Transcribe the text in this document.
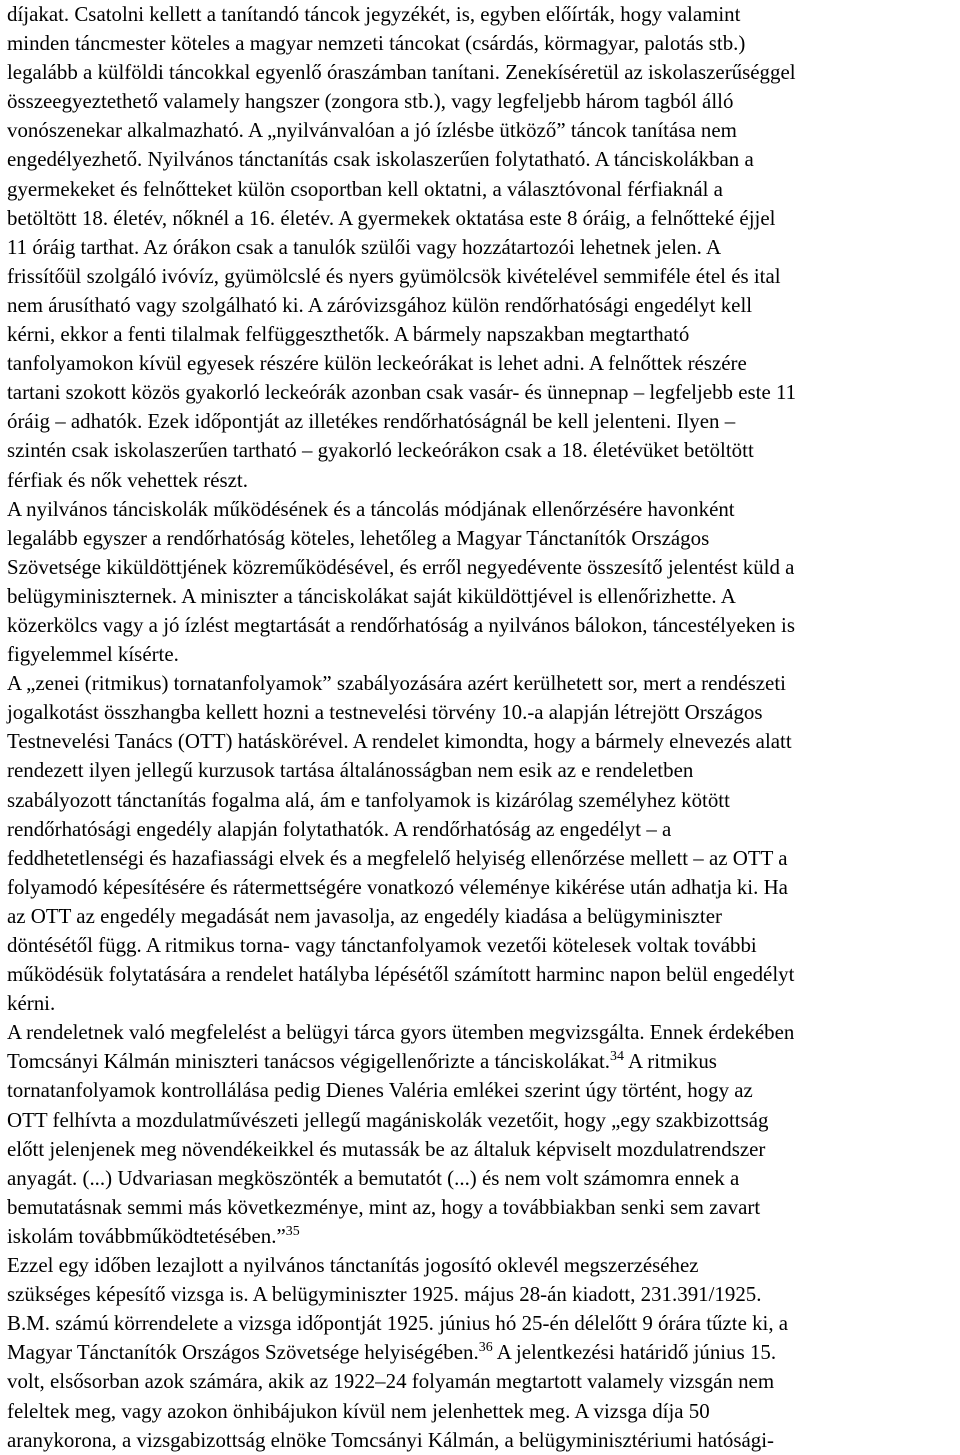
díjakat. Csatolni kellett a tanítandó táncok jegyzékét, is, egyben előírták, hogy valamint
minden táncmester köteles a magyar nemzeti táncokat (csárdás, körmagyar, palotás stb.)
legalább a külföldi táncokkal egyenlő óraszámban tanítani. Zenekíséretül az iskolaszerűséggel
összeegyeztethető valamely hangszer (zongora stb.), vagy legfeljebb három tagból álló
vonószenekar alkalmazható. A „nyilvánvalóan a jó ízlésbe ütköző” táncok tanítása nem
engedélyezhető. Nyilvános tánctanítás csak iskolaszerűen folytatható. A tánciskolákban a
gyermekeket és felnőtteket külön csoportban kell oktatni, a választóvonal férfiaknál a
betöltött 18. életév, nőknél a 16. életév. A gyermekek oktatása este 8 óráig, a felnőtteké éjjel
11 óráig tarthat. Az órákon csak a tanulók szülői vagy hozzátartozói lehetnek jelen. A
frissítőül szolgáló ivóvíz, gyümölcslé és nyers gyümölcsök kivételével semmiféle étel és ital
nem árusítható vagy szolgálható ki. A záróvizsgához külön rendőrhatósági engedélyt kell
kérni, ekkor a fenti tilalmak felfüggeszthetők. A bármely napszakban megtartható
tanfolyamokon kívül egyesek részére külön leckeórákat is lehet adni. A felnőttek részére
tartani szokott közös gyakorló leckeórák azonban csak vasár- és ünnepnap – legfeljebb este 11
óráig – adhatók. Ezek időpontját az illetékes rendőrhatóságnál be kell jelenteni. Ilyen –
szintén csak iskolaszerűen tartható – gyakorló leckeórákon csak a 18. életévüket betöltött
férfiak és nők vehettek részt.
A nyilvános tánciskolák működésének és a táncolás módjának ellenőrzésére havonként
legalább egyszer a rendőrhatóság köteles, lehetőleg a Magyar Tánctanítók Országos
Szövetsége kiküldöttjének közreműködésével, és erről negyedévente összesítő jelentést küld a
belügyminiszternek. A miniszter a tánciskolákat saját kiküldöttjével is ellenőrizhette. A
közerkölcs vagy a jó ízlést megtartását a rendőrhatóság a nyilvános bálokon, táncestélyeken is
figyelemmel kísérte.
A „zenei (ritmikus) tornatanfolyamok” szabályozására azért kerülhetett sor, mert a rendészeti
jogalkotást összhangba kellett hozni a testnevelési törvény 10.-a alapján létrejött Országos
Testnevelési Tanács (OTT) hatáskörével. A rendelet kimondta, hogy a bármely elnevezés alatt
rendezett ilyen jellegű kurzusok tartása általánosságban nem esik az e rendeletben
szabályozott tánctanítás fogalma alá, ám e tanfolyamok is kizárólag személyhez kötött
rendőrhatósági engedély alapján folytathatók. A rendőrhatóság az engedélyt – a
feddhetetlenségi és hazafiassági elvek és a megfelelő helyiség ellenőrzése mellett – az OTT a
folyamodó képesítésére és rátermettségére vonatkozó véleménye kikérése után adhatja ki. Ha
az OTT az engedély megadását nem javasolja, az engedély kiadása a belügyminiszter
döntésétől függ. A ritmikus torna- vagy tánctanfolyamok vezetői kötelesek voltak további
működésük folytatására a rendelet hatályba lépésétől számított harminc napon belül engedélyt
kérni.
A rendeletnek való megfelelést a belügyi tárca gyors ütemben megvizsgálta. Ennek érdekében
Tomcsányi Kálmán miniszteri tanácsos végigellenőrizte a tánciskolákat.$^{34}$ A ritmikus
tornatanfolyamok kontrollálása pedig Dienes Valéria emlékei szerint úgy történt, hogy az
OTT felhívta a mozdulatművészeti jellegű magániskolák vezetőit, hogy „egy szakbizottság
előtt jelenjenek meg növendékeikkel és mutassák be az általuk képviselt mozdulatrendszer
anyagát. (...) Udvariasan megköszönték a bemutatót (...) és nem volt számomra ennek a
bemutatásnak semmi más következménye, mint az, hogy a továbbiakban senki sem zavart
iskolám továbbműködtetésében.”$^{35}$
Ezzel egy időben lezajlott a nyilvános tánctanítás jogosító oklevél megszerzéséhez
szükséges képesítő vizsga is. A belügyminiszter 1925. május 28-án kiadott, 231.391/1925.
B.M. számú körrendelete a vizsga időpontját 1925. június hó 25-én délelőtt 9 órára tűzte ki, a
Magyar Tánctanítók Országos Szövetsége helyiségében.$^{36}$ A jelentkezési határidő június 15.
volt, elsősorban azok számára, akik az 1922–24 folyamán megtartott valamely vizsgán nem
feleltek meg, vagy azokon önhibájukon kívül nem jelenhettek meg. A vizsga díja 50
aranykorona, a vizsgabizottság elnöke Tomcsányi Kálmán, a belügyminisztériumi hatósági-
